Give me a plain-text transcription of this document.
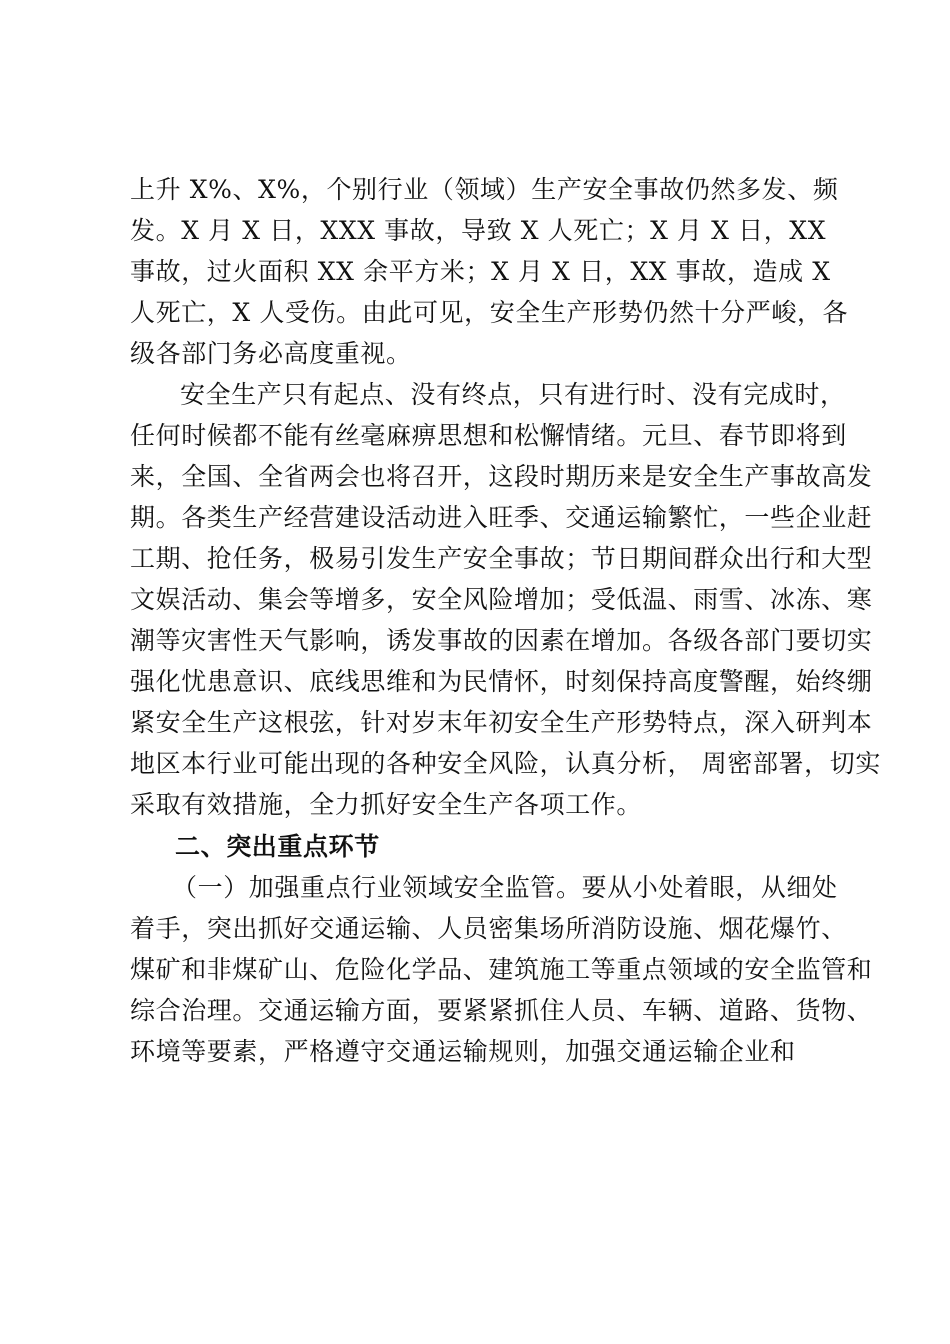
上升 X%、X%，个别行业（领域）生产安全事故仍然多发、频
发。X 月 X 日，XXX 事故，导致 X 人死亡；X 月 X 日，XX
事故，过火面积 XX 余平方米；X 月 X 日，XX 事故，造成 X
人死亡，X 人受伤。由此可见，安全生产形势仍然十分严峻，各
级各部门务必高度重视。
安全生产只有起点、没有终点，只有进行时、没有完成时，
任何时候都不能有丝毫麻痹思想和松懈情绪。元旦、春节即将到
来，全国、全省两会也将召开，这段时期历来是安全生产事故高发
期。各类生产经营建设活动进入旺季、交通运输繁忙，一些企业赶
工期、抢任务，极易引发生产安全事故；节日期间群众出行和大型
文娱活动、集会等增多，安全风险增加；受低温、雨雪、冰冻、寒
潮等灾害性天气影响，诱发事故的因素在增加。各级各部门要切实
强化忧患意识、底线思维和为民情怀，时刻保持高度警醒，始终绷
紧安全生产这根弦，针对岁末年初安全生产形势特点，深入研判本
地区本行业可能出现的各种安全风险，认真分析， 周密部署，切实
采取有效措施，全力抓好安全生产各项工作。
二、突出重点环节
（一）加强重点行业领域安全监管。要从小处着眼，从细处
着手，突出抓好交通运输、人员密集场所消防设施、烟花爆竹、
煤矿和非煤矿山、危险化学品、建筑施工等重点领域的安全监管和
综合治理。交通运输方面，要紧紧抓住人员、车辆、道路、货物、
环境等要素，严格遵守交通运输规则，加强交通运输企业和
